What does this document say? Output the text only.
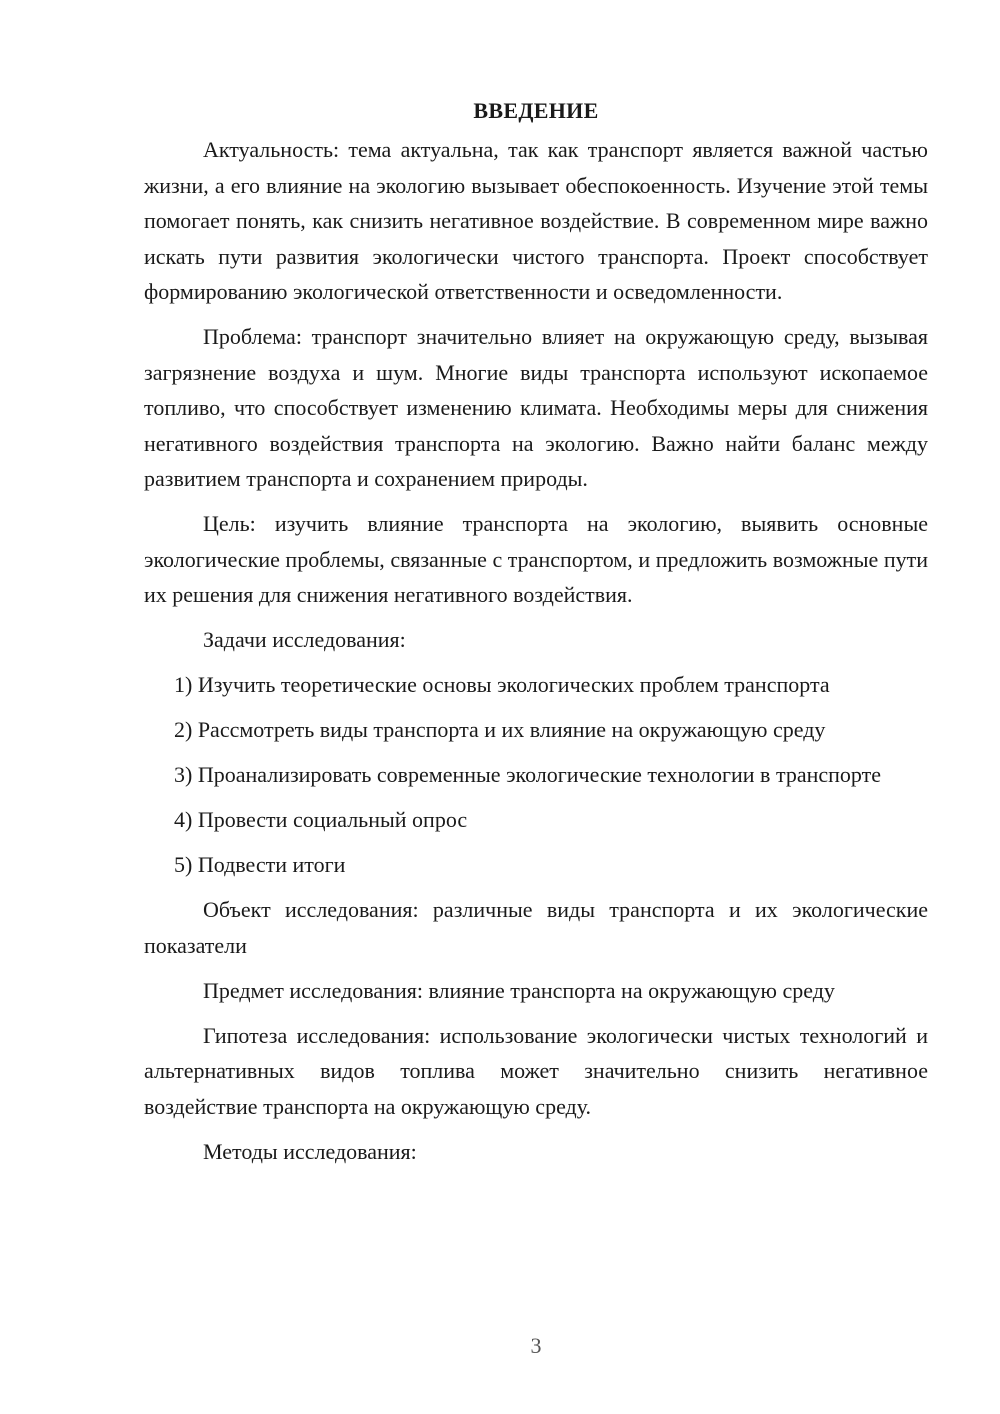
ВВЕДЕНИЕ

Актуальность: тема актуальна, так как транспорт является важной частью жизни, а его влияние на экологию вызывает обеспокоенность. Изучение этой темы помогает понять, как снизить негативное воздействие. В современном мире важно искать пути развития экологически чистого транспорта. Проект способствует формированию экологической ответственности и осведомленности.

Проблема: транспорт значительно влияет на окружающую среду, вызывая загрязнение воздуха и шум. Многие виды транспорта используют ископаемое топливо, что способствует изменению климата. Необходимы меры для снижения негативного воздействия транспорта на экологию. Важно найти баланс между развитием транспорта и сохранением природы.

Цель: изучить влияние транспорта на экологию, выявить основные экологические проблемы, связанные с транспортом, и предложить возможные пути их решения для снижения негативного воздействия.

Задачи исследования:

1) Изучить теоретические основы экологических проблем транспорта

2) Рассмотреть виды транспорта и их влияние на окружающую среду

3) Проанализировать современные экологические технологии в транспорте

4) Провести социальный опрос

5) Подвести итоги

Объект исследования: различные виды транспорта и их экологические показатели

Предмет исследования: влияние транспорта на окружающую среду

Гипотеза исследования: использование экологически чистых технологий и альтернативных видов топлива может значительно снизить негативное воздействие транспорта на окружающую среду.

Методы исследования:

3
